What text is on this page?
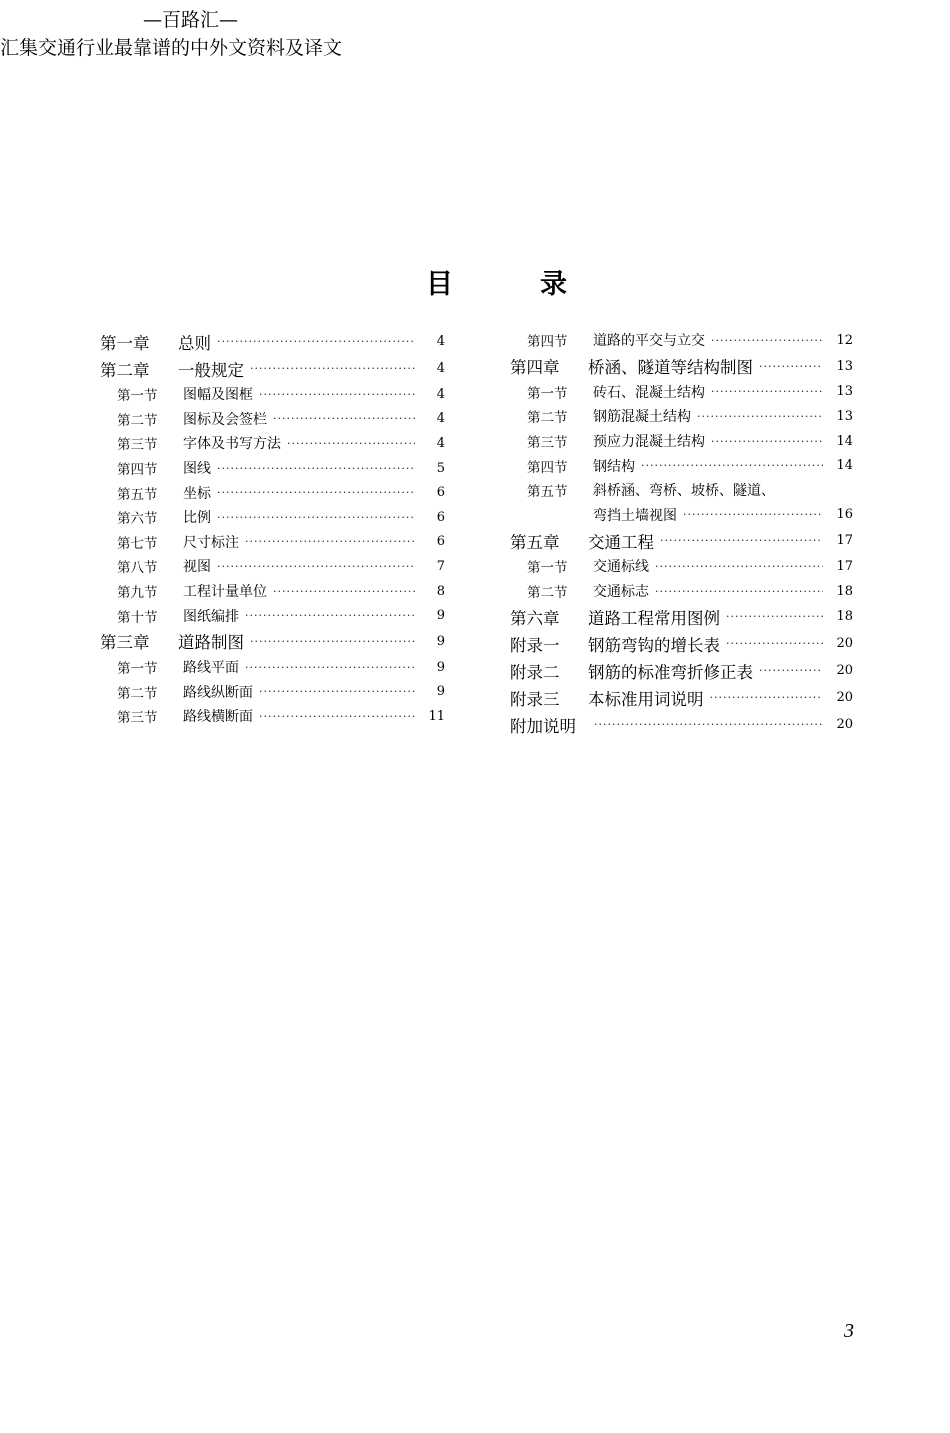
—百路汇—
汇集交通行业最靠谱的中外文资料及译文
目	录
第一章	总则 ·····	4
第二章	一般规定 ·····	4
第一节	图幅及图框 ·····	4
第二节	图标及会签栏 ·····	4
第三节	字体及书写方法 ·····	4
第四节	图线 ·····	5
第五节	坐标 ·····	6
第六节	比例 ·····	6
第七节	尺寸标注 ·····	6
第八节	视图 ·····	7
第九节	工程计量单位 ·····	8
第十节	图纸编排 ·····	9
第三章	道路制图 ·····	9
第一节	路线平面 ·····	9
第二节	路线纵断面 ·····	9
第三节	路线横断面 ·····	11
第四节	道路的平交与立交 ·····	12
第四章	桥涵、隧道等结构制图 ·····	13
第一节	砖石、混凝土结构 ·····	13
第二节	钢筋混凝土结构 ·····	13
第三节	预应力混凝土结构 ·····	14
第四节	钢结构 ·····	14
第五节	斜桥涵、弯桥、坡桥、隧道、
弯挡土墙视图 ·····	16
第五章	交通工程 ·····	17
第一节	交通标线 ·····	17
第二节	交通标志 ·····	18
第六章	道路工程常用图例 ·····	18
附录一	钢筋弯钩的增长表 ·····	20
附录二	钢筋的标准弯折修正表 ·····	20
附录三	本标准用词说明 ·····	20
附加说明 ·····	20
3
